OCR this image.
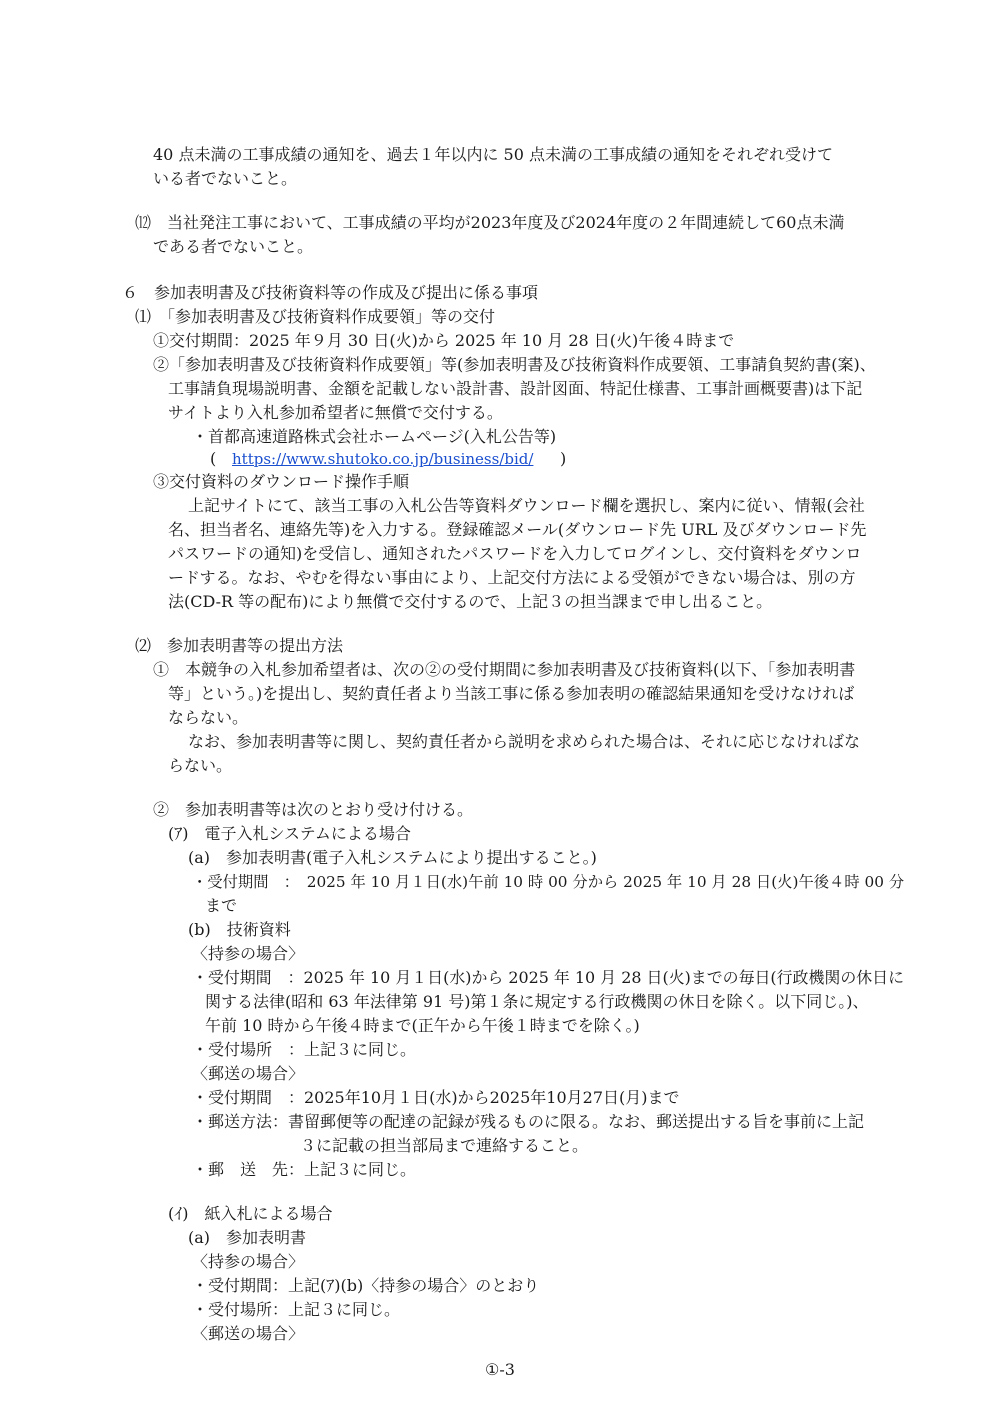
40 点未満の工事成績の通知を、過去１年以内に 50 点未満の工事成績の通知をそれぞれ受けて
いる者でないこと。
⑿　当社発注工事において、工事成績の平均が2023年度及び2024年度の２年間連続して60点未満
である者でないこと。
６　参加表明書及び技術資料等の作成及び提出に係る事項
⑴　「参加表明書及び技術資料作成要領」等の交付
①交付期間：2025 年９月 30 日(火)から 2025 年 10 月 28 日(火)午後４時まで
②「参加表明書及び技術資料作成要領」等(参加表明書及び技術資料作成要領、工事請負契約書(案)、
工事請負現場説明書、金額を記載しない設計書、設計図面、特記仕様書、工事計画概要書)は下記
サイトより入札参加希望者に無償で交付する。
・首都高速道路株式会社ホームページ(入札公告等)
( https://www.shutoko.co.jp/business/bid/ )
③交付資料のダウンロード操作手順
上記サイトにて、該当工事の入札公告等資料ダウンロード欄を選択し、案内に従い、情報(会社
名、担当者名、連絡先等)を入力する。登録確認メール(ダウンロード先 URL 及びダウンロード先
パスワードの通知)を受信し、通知されたパスワードを入力してログインし、交付資料をダウンロ
ードする。なお、やむを得ない事由により、上記交付方法による受領ができない場合は、別の方
法(CD-R 等の配布)により無償で交付するので、上記３の担当課まで申し出ること。
⑵　参加表明書等の提出方法
①　本競争の入札参加希望者は、次の②の受付期間に参加表明書及び技術資料(以下、「参加表明書
等」という。)を提出し、契約責任者より当該工事に係る参加表明の確認結果通知を受けなければ
ならない。
なお、参加表明書等に関し、契約責任者から説明を求められた場合は、それに応じなければな
らない。
②　参加表明書等は次のとおり受け付ける。
(ｱ)　電子入札システムによる場合
(a)　参加表明書(電子入札システムにより提出すること。)
・受付期間　：　2025 年 10 月１日(水)午前 10 時 00 分から 2025 年 10 月 28 日(火)午後４時 00 分
まで
(b)　技術資料
〈持参の場合〉
・受付期間　：2025 年 10 月１日(水)から 2025 年 10 月 28 日(火)までの毎日(行政機関の休日に
関する法律(昭和 63 年法律第 91 号)第１条に規定する行政機関の休日を除く。以下同じ。)、
午前 10 時から午後４時まで(正午から午後１時までを除く。)
・受付場所　：上記３に同じ。
〈郵送の場合〉
・受付期間　：2025年10月１日(水)から2025年10月27日(月)まで
・郵送方法：書留郵便等の配達の記録が残るものに限る。なお、郵送提出する旨を事前に上記
３に記載の担当部局まで連絡すること。
・郵　送　先：上記３に同じ。
(ｲ)　紙入札による場合
(a)　参加表明書
〈持参の場合〉
・受付期間：上記(ｱ)(b)〈持参の場合〉のとおり
・受付場所：上記３に同じ。
〈郵送の場合〉
①-3
